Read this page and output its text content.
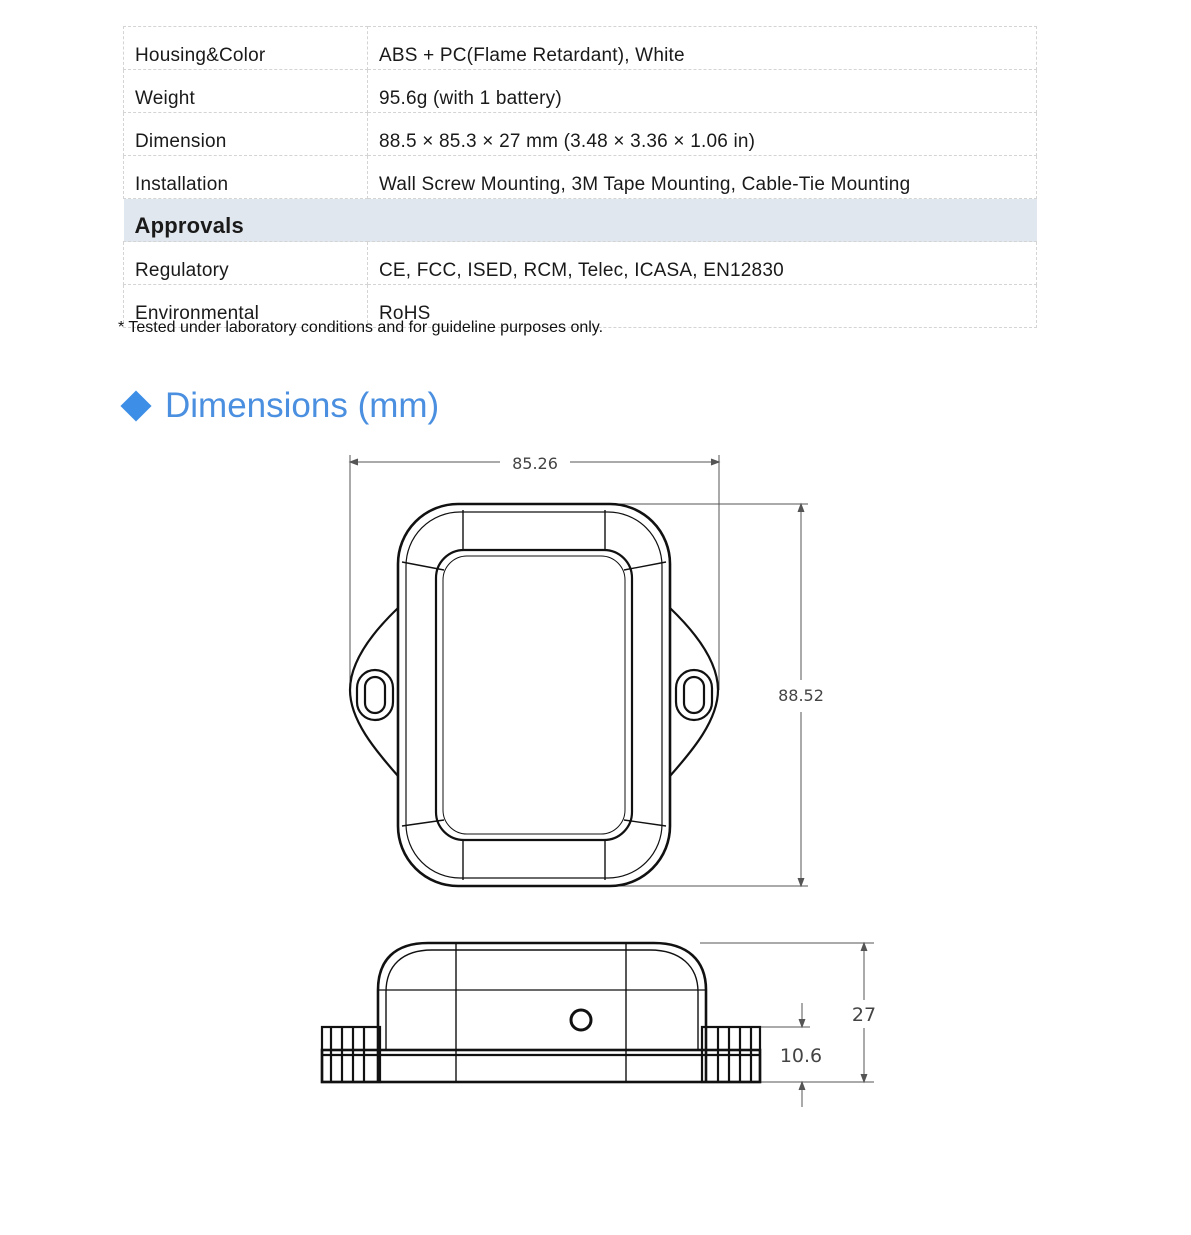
Housing&Color	ABS + PC(Flame Retardant), White
Weight	95.6g (with 1 battery)
Dimension	88.5 × 85.3 × 27 mm (3.48 × 3.36 × 1.06 in)
Installation	Wall Screw Mounting, 3M Tape Mounting, Cable-Tie Mounting
Approvals	
Regulatory	CE, FCC, ISED, RCM, Telec, ICASA, EN12830
Environmental	RoHS
* Tested under laboratory conditions and for guideline purposes only.
Dimensions (mm)
85.26
88.52
27
10.6
